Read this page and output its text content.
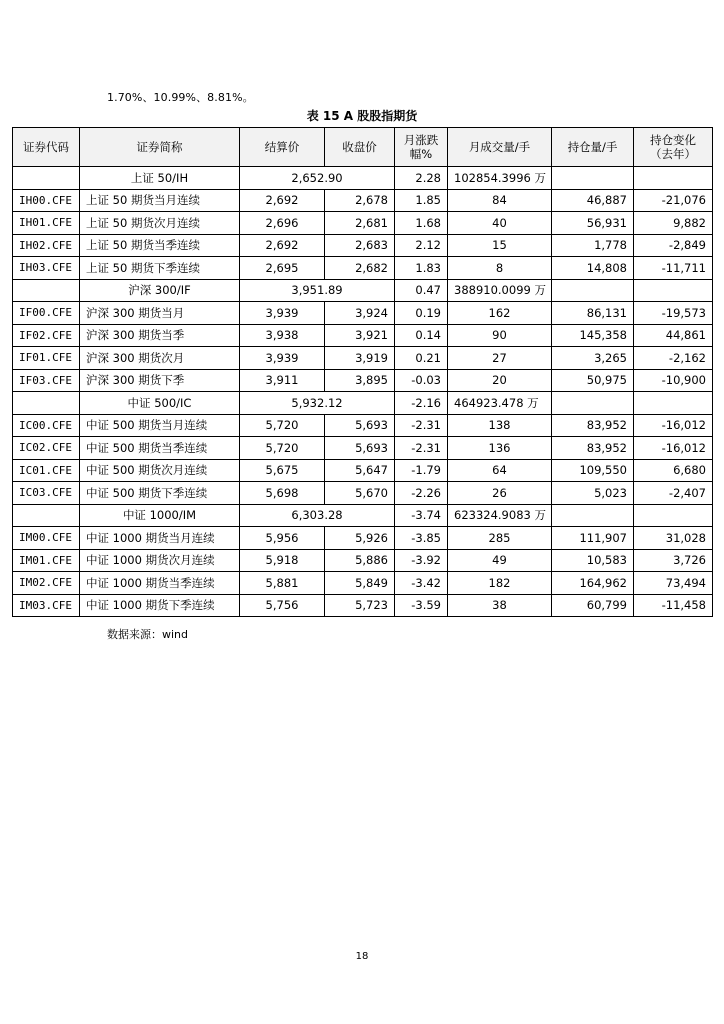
1.70%、10.99%、8.81%。
表 15 A 股股指期货
证券代码	证券简称	结算价	收盘价	月涨跌幅%	月成交量/手	持仓量/手	持仓变化（去年）
	上证 50/IH	2,652.90		2.28	102854.3996 万		
IH00.CFE	上证 50 期货当月连续	2,692	2,678	1.85	84	46,887	-21,076
IH01.CFE	上证 50 期货次月连续	2,696	2,681	1.68	40	56,931	9,882
IH02.CFE	上证 50 期货当季连续	2,692	2,683	2.12	15	1,778	-2,849
IH03.CFE	上证 50 期货下季连续	2,695	2,682	1.83	8	14,808	-11,711
	沪深 300/IF	3,951.89		0.47	388910.0099 万		
IF00.CFE	沪深 300 期货当月	3,939	3,924	0.19	162	86,131	-19,573
IF02.CFE	沪深 300 期货当季	3,938	3,921	0.14	90	145,358	44,861
IF01.CFE	沪深 300 期货次月	3,939	3,919	0.21	27	3,265	-2,162
IF03.CFE	沪深 300 期货下季	3,911	3,895	-0.03	20	50,975	-10,900
	中证 500/IC	5,932.12		-2.16	464923.478 万		
IC00.CFE	中证 500 期货当月连续	5,720	5,693	-2.31	138	83,952	-16,012
IC02.CFE	中证 500 期货当季连续	5,720	5,693	-2.31	136	83,952	-16,012
IC01.CFE	中证 500 期货次月连续	5,675	5,647	-1.79	64	109,550	6,680
IC03.CFE	中证 500 期货下季连续	5,698	5,670	-2.26	26	5,023	-2,407
	中证 1000/IM	6,303.28		-3.74	623324.9083 万		
IM00.CFE	中证 1000 期货当月连续	5,956	5,926	-3.85	285	111,907	31,028
IM01.CFE	中证 1000 期货次月连续	5,918	5,886	-3.92	49	10,583	3,726
IM02.CFE	中证 1000 期货当季连续	5,881	5,849	-3.42	182	164,962	73,494
IM03.CFE	中证 1000 期货下季连续	5,756	5,723	-3.59	38	60,799	-11,458
数据来源：wind
18
